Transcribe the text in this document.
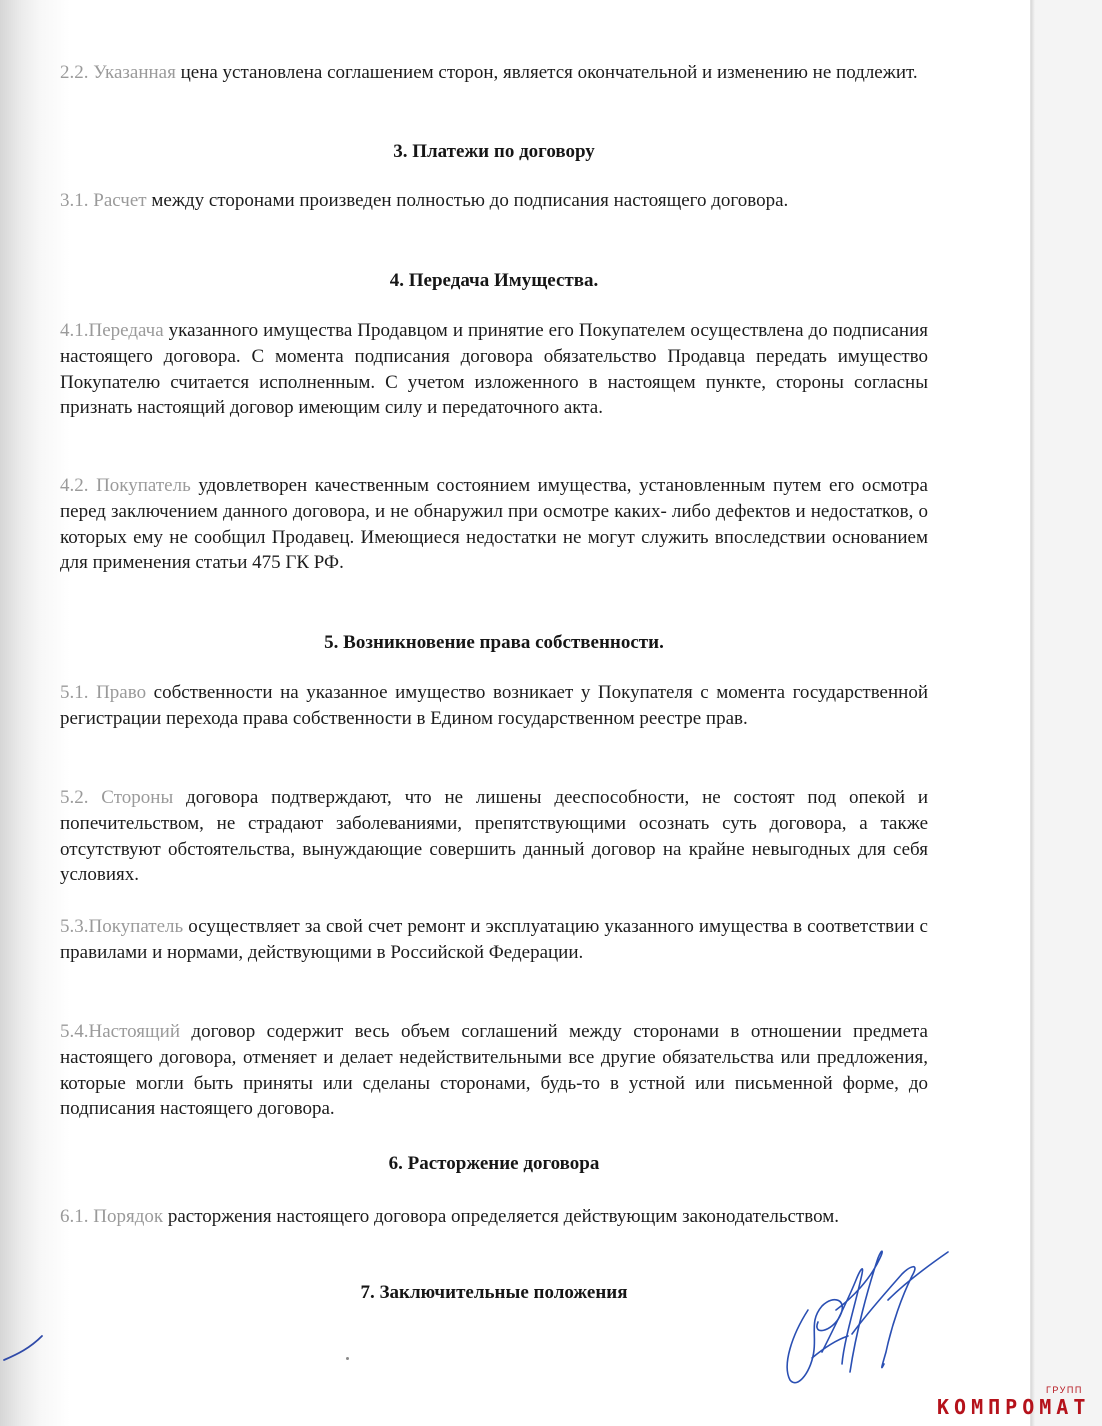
2.2. Указанная цена установлена соглашением сторон, является окончательной и изменению не подлежит.

3. Платежи по договору

3.1. Расчет между сторонами произведен полностью до подписания настоящего договора.

4. Передача Имущества.

4.1.Передача указанного имущества Продавцом и принятие его Покупателем осуществлена до подписания настоящего договора. С момента подписания договора обязательство Продавца передать имущество Покупателю считается исполненным. С учетом изложенного в настоящем пункте, стороны согласны признать настоящий договор имеющим силу и передаточного акта.

4.2. Покупатель удовлетворен качественным состоянием имущества, установленным путем его осмотра перед заключением данного договора, и не обнаружил при осмотре каких- либо дефектов и недостатков, о которых ему не сообщил Продавец. Имеющиеся недостатки не могут служить впоследствии основанием для применения статьи 475 ГК РФ.

5. Возникновение права собственности.

5.1. Право собственности на указанное имущество возникает у Покупателя с момента государственной регистрации перехода права собственности в Едином государственном реестре прав.

5.2. Стороны договора подтверждают, что не лишены дееспособности, не состоят под опекой и попечительством, не страдают заболеваниями, препятствующими осознать суть договора, а также отсутствуют обстоятельства, вынуждающие совершить данный договор на крайне невыгодных для себя условиях.

5.3.Покупатель осуществляет за свой счет ремонт и эксплуатацию указанного имущества в соответствии с правилами и нормами, действующими в Российской Федерации.

5.4.Настоящий договор содержит весь объем соглашений между сторонами в отношении предмета настоящего договора, отменяет и делает недействительными все другие обязательства или предложения, которые могли быть приняты или сделаны сторонами, будь-то в устной или письменной форме, до подписания настоящего договора.

6. Расторжение договора

6.1. Порядок расторжения настоящего договора определяется действующим законодательством.

7. Заключительные положения
ГРУПП
КОМПРОМАТ
